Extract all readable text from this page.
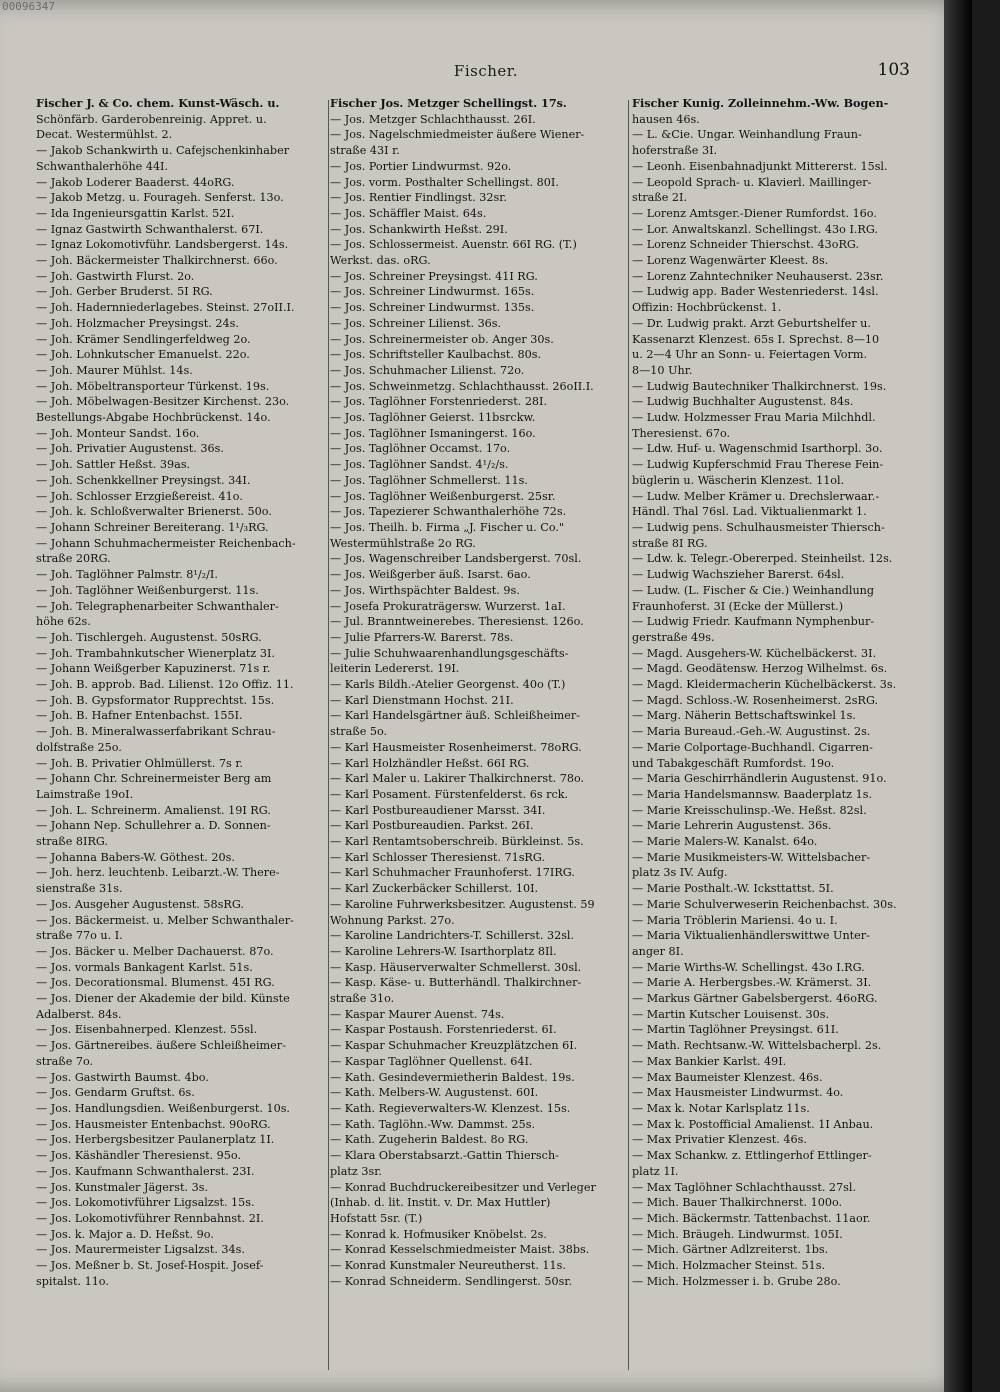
00096347
Fischer.	103
Fischer J. & Co. chem. Kunst-Wäsch. u.
Schönfärb. Garderobenreinig. Appret. u.
Decat. Westermühlst. 2.
— Jakob Schankwirth u. Cafejschenkinhaber
Schwanthalerhöhe 44I.
— Jakob Loderer Baaderst. 44oRG.
— Jakob Metzg. u. Fourageh. Senferst. 13o.
— Ida Ingenieursgattin Karlst. 52I.
— Ignaz Gastwirth Schwanthalerst. 67I.
— Ignaz Lokomotivführ. Landsbergerst. 14s.
— Joh. Bäckermeister Thalkirchnerst. 66o.
— Joh. Gastwirth Flurst. 2o.
— Joh. Gerber Bruderst. 5I RG.
— Joh. Hadernniederlagebes. Steinst. 27oII.I.
— Joh. Holzmacher Preysingst. 24s.
— Joh. Krämer Sendlingerfeldweg 2o.
— Joh. Lohnkutscher Emanuelst. 22o.
— Joh. Maurer Mühlst. 14s.
— Joh. Möbeltransporteur Türkenst. 19s.
— Joh. Möbelwagen-Besitzer Kirchenst. 23o.
Bestellungs-Abgabe Hochbrückenst. 14o.
— Joh. Monteur Sandst. 16o.
— Joh. Privatier Augustenst. 36s.
— Joh. Sattler Heßst. 39as.
— Joh. Schenkkellner Preysingst. 34I.
— Joh. Schlosser Erzgießereist. 41o.
— Joh. k. Schloßverwalter Brienerst. 50o.
— Johann Schreiner Bereiterang. 1¹/₃RG.
— Johann Schuhmachermeister Reichenbach-
straße 20RG.
— Joh. Taglöhner Palmstr. 8¹/₂/I.
— Joh. Taglöhner Weißenburgerst. 11s.
— Joh. Telegraphenarbeiter Schwanthaler-
höhe 62s.
— Joh. Tischlergeh. Augustenst. 50sRG.
— Joh. Trambahnkutscher Wienerplatz 3I.
— Johann Weißgerber Kapuzinerst. 71s r.
— Joh. B. approb. Bad. Lilienst. 12o Offiz. 11.
— Joh. B. Gypsformator Rupprechtst. 15s.
— Joh. B. Hafner Entenbachst. 155I.
— Joh. B. Mineralwasserfabrikant Schrau-
dolfstraße 25o.
— Joh. B. Privatier Ohlmüllerst. 7s r.
— Johann Chr. Schreinermeister Berg am
Laimstraße 19oI.
— Joh. L. Schreinerm. Amalienst. 19I RG.
— Johann Nep. Schullehrer a. D. Sonnen-
straße 8IRG.
— Johanna Babers-W. Göthest. 20s.
— Joh. herz. leuchtenb. Leibarzt.-W. There-
sienstraße 31s.
— Jos. Ausgeher Augustenst. 58sRG.
— Jos. Bäckermeist. u. Melber Schwanthaler-
straße 77o u. I.
— Jos. Bäcker u. Melber Dachauerst. 87o.
— Jos. vormals Bankagent Karlst. 51s.
— Jos. Decorationsmal. Blumenst. 45I RG.
— Jos. Diener der Akademie der bild. Künste
Adalberst. 84s.
— Jos. Eisenbahnerped. Klenzest. 55sl.
— Jos. Gärtnereibes. äußere Schleißheimer-
straße 7o.
— Jos. Gastwirth Baumst. 4bo.
— Jos. Gendarm Gruftst. 6s.
— Jos. Handlungsdien. Weißenburgerst. 10s.
— Jos. Hausmeister Entenbachst. 90oRG.
— Jos. Herbergsbesitzer Paulanerplatz 1I.
— Jos. Käshändler Theresienst. 95o.
— Jos. Kaufmann Schwanthalerst. 23I.
— Jos. Kunstmaler Jägerst. 3s.
— Jos. Lokomotivführer Ligsalzst. 15s.
— Jos. Lokomotivführer Rennbahnst. 2I.
— Jos. k. Major a. D. Heßst. 9o.
— Jos. Maurermeister Ligsalzst. 34s.
— Jos. Meßner b. St. Josef-Hospit. Josef-
spitalst. 11o.
Fischer Jos. Metzger Schellingst. 17s.
— Jos. Metzger Schlachthausst. 26I.
— Jos. Nagelschmiedmeister äußere Wiener-
straße 43I r.
— Jos. Portier Lindwurmst. 92o.
— Jos. vorm. Posthalter Schellingst. 80I.
— Jos. Rentier Findlingst. 32sr.
— Jos. Schäffler Maist. 64s.
— Jos. Schankwirth Heßst. 29I.
— Jos. Schlossermeist. Auenstr. 66I RG. (T.)
Werkst. das. oRG.
— Jos. Schreiner Preysingst. 41I RG.
— Jos. Schreiner Lindwurmst. 165s.
— Jos. Schreiner Lindwurmst. 135s.
— Jos. Schreiner Lilienst. 36s.
— Jos. Schreinermeister ob. Anger 30s.
— Jos. Schriftsteller Kaulbachst. 80s.
— Jos. Schuhmacher Lilienst. 72o.
— Jos. Schweinmetzg. Schlachthausst. 26oII.I.
— Jos. Taglöhner Forstenriederst. 28I.
— Jos. Taglöhner Geierst. 11bsrckw.
— Jos. Taglöhner Ismaningerst. 16o.
— Jos. Taglöhner Occamst. 17o.
— Jos. Taglöhner Sandst. 4¹/₂/s.
— Jos. Taglöhner Schmellerst. 11s.
— Jos. Taglöhner Weißenburgerst. 25sr.
— Jos. Tapezierer Schwanthalerhöhe 72s.
— Jos. Theilh. b. Firma „J. Fischer u. Co."
Westermühlstraße 2o RG.
— Jos. Wagenschreiber Landsbergerst. 70sl.
— Jos. Weißgerber äuß. Isarst. 6ao.
— Jos. Wirthspächter Baldest. 9s.
— Josefa Prokuraträgersw. Wurzerst. 1aI.
— Jul. Branntweinerebes. Theresienst. 126o.
— Julie Pfarrers-W. Barerst. 78s.
— Julie Schuhwaarenhandlungsgeschäfts-
leiterin Ledererst. 19I.
— Karls Bildh.-Atelier Georgenst. 40o (T.)
— Karl Dienstmann Hochst. 21I.
— Karl Handelsgärtner äuß. Schleißheimer-
straße 5o.
— Karl Hausmeister Rosenheimerst. 78oRG.
— Karl Holzhändler Heßst. 66I RG.
— Karl Maler u. Lakirer Thalkirchnerst. 78o.
— Karl Posament. Fürstenfelderst. 6s rck.
— Karl Postbureaudiener Marsst. 34I.
— Karl Postbureaudien. Parkst. 26I.
— Karl Rentamtsoberschreib. Bürkleinst. 5s.
— Karl Schlosser Theresienst. 71sRG.
— Karl Schuhmacher Fraunhoferst. 17IRG.
— Karl Zuckerbäcker Schillerst. 10I.
— Karoline Fuhrwerksbesitzer. Augustenst. 59
Wohnung Parkst. 27o.
— Karoline Landrichters-T. Schillerst. 32sl.
— Karoline Lehrers-W. Isarthorplatz 8Il.
— Kasp. Häuserverwalter Schmellerst. 30sl.
— Kasp. Käse- u. Butterhändl. Thalkirchner-
straße 31o.
— Kaspar Maurer Auenst. 74s.
— Kaspar Postaush. Forstenriederst. 6I.
— Kaspar Schuhmacher Kreuzplätzchen 6I.
— Kaspar Taglöhner Quellenst. 64I.
— Kath. Gesindevermietherin Baldest. 19s.
— Kath. Melbers-W. Augustenst. 60I.
— Kath. Regieverwalters-W. Klenzest. 15s.
— Kath. Taglöhn.-Ww. Dammst. 25s.
— Kath. Zugeherin Baldest. 8o RG.
— Klara Oberstabsarzt.-Gattin Thiersch-
platz 3sr.
— Konrad Buchdruckereibesitzer und Verleger
(Inhab. d. lit. Instit. v. Dr. Max Huttler)
Hofstatt 5sr. (T.)
— Konrad k. Hofmusiker Knöbelst. 2s.
— Konrad Kesselschmiedmeister Maist. 38bs.
— Konrad Kunstmaler Neureutherst. 11s.
— Konrad Schneiderm. Sendlingerst. 50sr.
Fischer Kunig. Zolleinnehm.-Ww. Bogen-
hausen 46s.
— L. &Cie. Ungar. Weinhandlung Fraun-
hoferstraße 3I.
— Leonh. Eisenbahnadjunkt Mittererst. 15sl.
— Leopold Sprach- u. Klavierl. Maillinger-
straße 2I.
— Lorenz Amtsger.-Diener Rumfordst. 16o.
— Lor. Anwaltskanzl. Schellingst. 43o I.RG.
— Lorenz Schneider Thierschst. 43oRG.
— Lorenz Wagenwärter Kleest. 8s.
— Lorenz Zahntechniker Neuhauserst. 23sr.
— Ludwig app. Bader Westenriederst. 14sl.
Offizin: Hochbrückenst. 1.
— Dr. Ludwig prakt. Arzt Geburtshelfer u.
Kassenarzt Klenzest. 65s I. Sprechst. 8—10
u. 2—4 Uhr an Sonn- u. Feiertagen Vorm.
8—10 Uhr.
— Ludwig Bautechniker Thalkirchnerst. 19s.
— Ludwig Buchhalter Augustenst. 84s.
— Ludw. Holzmesser Frau Maria Milchhdl.
Theresienst. 67o.
— Ldw. Huf- u. Wagenschmid Isarthorpl. 3o.
— Ludwig Kupferschmid Frau Therese Fein-
büglerin u. Wäscherin Klenzest. 11ol.
— Ludw. Melber Krämer u. Drechslerwaar.-
Händl. Thal 76sl. Lad. Viktualienmarkt 1.
— Ludwig pens. Schulhausmeister Thiersch-
straße 8I RG.
— Ldw. k. Telegr.-Obererped. Steinheilst. 12s.
— Ludwig Wachszieher Barerst. 64sl.
— Ludw. (L. Fischer & Cie.) Weinhandlung
Fraunhoferst. 3I (Ecke der Müllerst.)
— Ludwig Friedr. Kaufmann Nymphenbur-
gerstraße 49s.
— Magd. Ausgehers-W. Küchelbäckerst. 3I.
— Magd. Geodätensw. Herzog Wilhelmst. 6s.
— Magd. Kleidermacherin Küchelbäckerst. 3s.
— Magd. Schloss.-W. Rosenheimerst. 2sRG.
— Marg. Näherin Bettschaftswinkel 1s.
— Maria Bureaud.-Geh.-W. Augustinst. 2s.
— Marie Colportage-Buchhandl. Cigarren-
und Tabakgeschäft Rumfordst. 19o.
— Maria Geschirrhändlerin Augustenst. 91o.
— Maria Handelsmannsw. Baaderplatz 1s.
— Marie Kreisschulinsp.-We. Heßst. 82sl.
— Marie Lehrerin Augustenst. 36s.
— Marie Malers-W. Kanalst. 64o.
— Marie Musikmeisters-W. Wittelsbacher-
platz 3s IV. Aufg.
— Marie Posthalt.-W. Icksttattst. 5I.
— Marie Schulverweserin Reichenbachst. 30s.
— Maria Tröblerin Mariensi. 4o u. I.
— Maria Viktualienhändlerswittwe Unter-
anger 8I.
— Marie Wirths-W. Schellingst. 43o I.RG.
— Marie A. Herbergsbes.-W. Krämerst. 3I.
— Markus Gärtner Gabelsbergerst. 46oRG.
— Martin Kutscher Louisenst. 30s.
— Martin Taglöhner Preysingst. 61I.
— Math. Rechtsanw.-W. Wittelsbacherpl. 2s.
— Max Bankier Karlst. 49I.
— Max Baumeister Klenzest. 46s.
— Max Hausmeister Lindwurmst. 4o.
— Max k. Notar Karlsplatz 11s.
— Max k. Postofficial Amalienst. 1I Anbau.
— Max Privatier Klenzest. 46s.
— Max Schankw. z. Ettlingerhof Ettlinger-
platz 1I.
— Max Taglöhner Schlachthausst. 27sl.
— Mich. Bauer Thalkirchnerst. 100o.
— Mich. Bäckermstr. Tattenbachst. 11aor.
— Mich. Bräugeh. Lindwurmst. 105I.
— Mich. Gärtner Adlzreiterst. 1bs.
— Mich. Holzmacher Steinst. 51s.
— Mich. Holzmesser i. b. Grube 28o.
